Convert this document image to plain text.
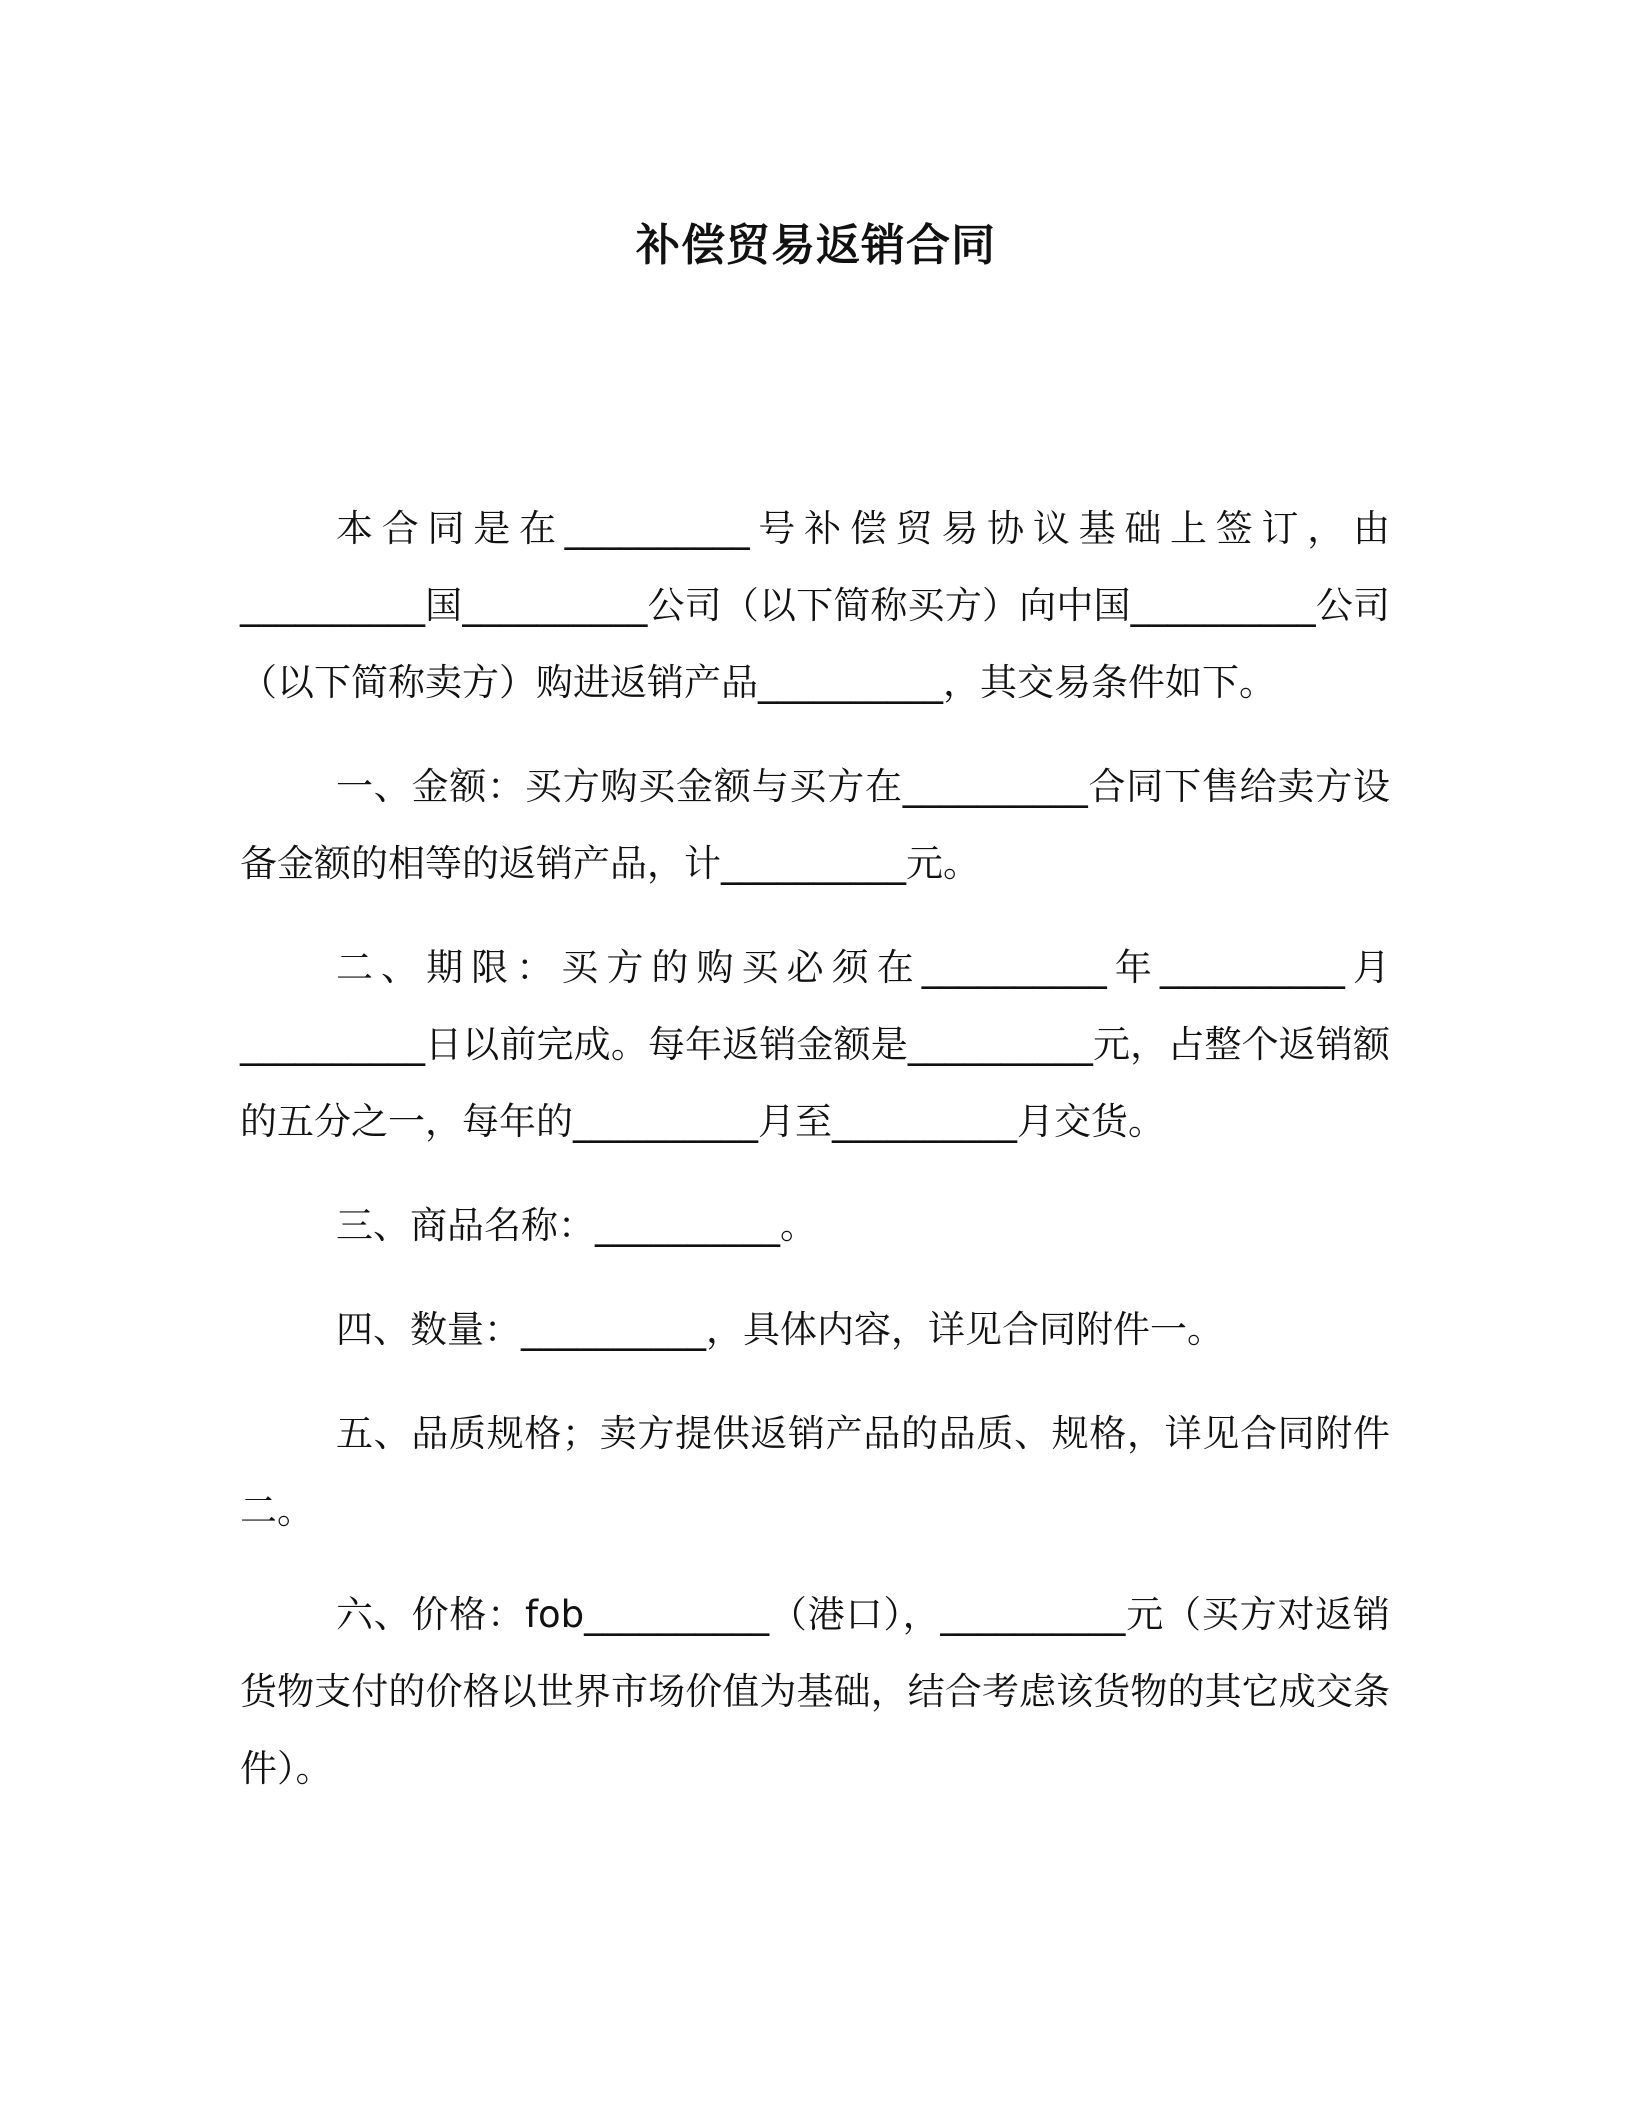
补偿贸易返销合同

本合同是在__________号补偿贸易协议基础上签订，由__________国__________公司（以下简称买方）向中国__________公司（以下简称卖方）购进返销产品__________，其交易条件如下。

一、金额：买方购买金额与买方在__________合同下售给卖方设备金额的相等的返销产品，计__________元。

二、期限：买方的购买必须在__________年__________月__________日以前完成。每年返销金额是__________元，占整个返销额的五分之一，每年的__________月至__________月交货。

三、商品名称：__________。

四、数量：__________，具体内容，详见合同附件一。

五、品质规格；卖方提供返销产品的品质、规格，详见合同附件二。

六、价格：fob__________（港口），__________元（买方对返销货物支付的价格以世界市场价值为基础，结合考虑该货物的其它成交条件）。
